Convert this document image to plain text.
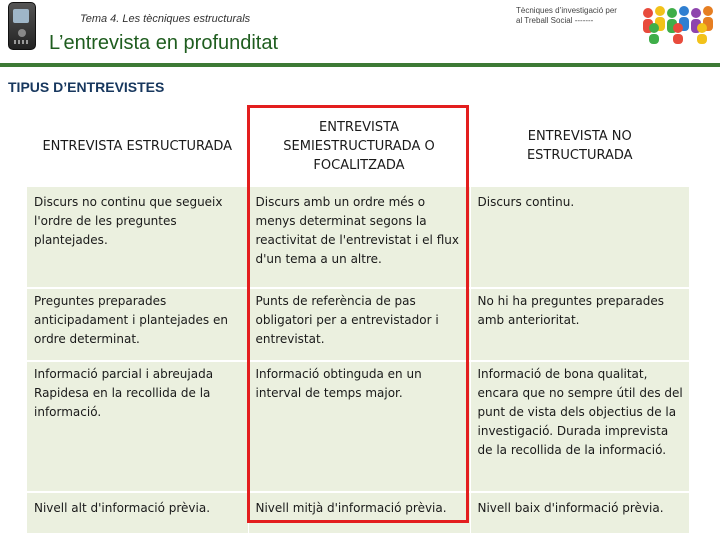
Tema 4. Les tècniques estructurals
Tècniques d’investigació per
al Treball Social -------
L’entrevista en profunditat
TIPUS D’ENTREVISTES
ENTREVISTA ESTRUCTURADA	ENTREVISTA SEMIESTRUCTURADA O FOCALITZADA	ENTREVISTA NO ESTRUCTURADA
Discurs no continu que segueix l'ordre de les preguntes plantejades.	Discurs amb un ordre més o menys determinat segons la reactivitat de l'entrevistat i el flux d'un tema a un altre.	Discurs continu.
Preguntes preparades anticipadament i plantejades en ordre determinat.	Punts de referència de pas obligatori per a entrevistador i entrevistat.	No hi ha preguntes preparades amb anterioritat.
Informació parcial i abreujada Rapidesa en la recollida de la informació.	Informació obtinguda en un interval de temps major.	Informació de bona qualitat, encara que no sempre útil des del punt de vista dels objectius de la investigació. Durada imprevista de la recollida de la informació.
Nivell alt d'informació prèvia.	Nivell mitjà d'informació prèvia.	Nivell baix d'informació prèvia.
